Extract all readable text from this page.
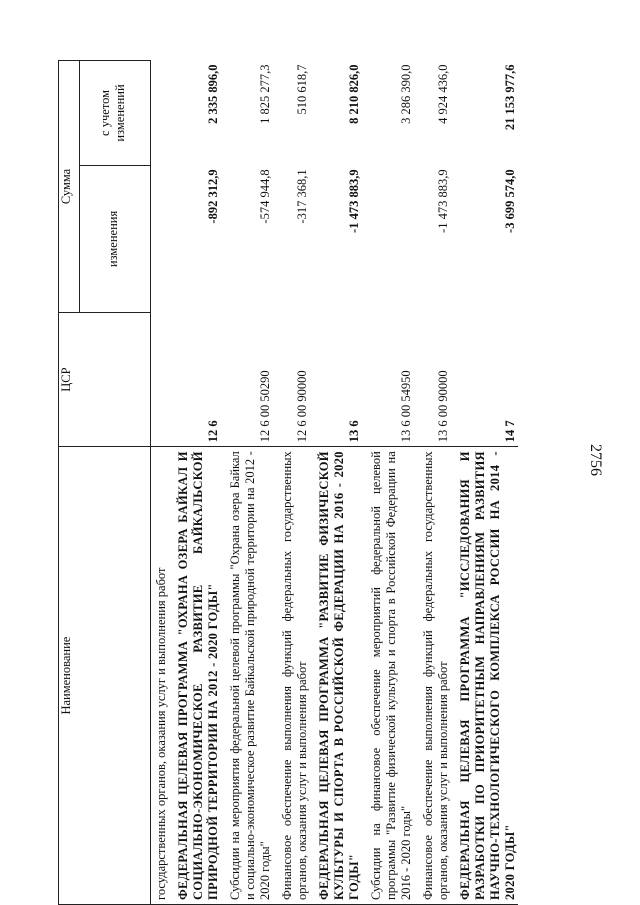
Наименование	ЦСР	Сумма	

		изменения	с учетом изменений

государственных органов, оказания услуг и выполнения работ			
ФЕДЕРАЛЬНАЯ ЦЕЛЕВАЯ ПРОГРАММА "ОХРАНА ОЗЕРА БАЙКАЛ И СОЦИАЛЬНО-ЭКОНОМИЧЕСКОЕ РАЗВИТИЕ БАЙКАЛЬСКОЙ ПРИРОДНОЙ ТЕРРИТОРИИ НА 2012 - 2020 ГОДЫ"	12 6	-892 312,9	2 335 896,0
Субсидии на мероприятия федеральной целевой программы "Охрана озера Байкал и социально-экономическое развитие Байкальской природной территории на 2012 - 2020 годы"	12 6 00 50290	-574 944,8	1 825 277,3
Финансовое обеспечение выполнения функций федеральных государственных органов, оказания услуг и выполнения работ	12 6 00 90000	-317 368,1	510 618,7
ФЕДЕРАЛЬНАЯ ЦЕЛЕВАЯ ПРОГРАММА "РАЗВИТИЕ ФИЗИЧЕСКОЙ КУЛЬТУРЫ И СПОРТА В РОССИЙСКОЙ ФЕДЕРАЦИИ НА 2016 - 2020 ГОДЫ"	13 6	-1 473 883,9	8 210 826,0
Субсидии на финансовое обеспечение мероприятий федеральной целевой программы "Развитие физической культуры и спорта в Российской Федерации на 2016 - 2020 годы"	13 6 00 54950		3 286 390,0
Финансовое обеспечение выполнения функций федеральных государственных органов, оказания услуг и выполнения работ	13 6 00 90000	-1 473 883,9	4 924 436,0
ФЕДЕРАЛЬНАЯ ЦЕЛЕВАЯ ПРОГРАММА "ИССЛЕДОВАНИЯ И РАЗРАБОТКИ ПО ПРИОРИТЕТНЫМ НАПРАВЛЕНИЯМ РАЗВИТИЯ НАУЧНО-ТЕХНОЛОГИЧЕСКОГО КОМПЛЕКСА РОССИИ НА 2014 - 2020 ГОДЫ"	14 7	-3 699 574,0	21 153 977,6
2756
